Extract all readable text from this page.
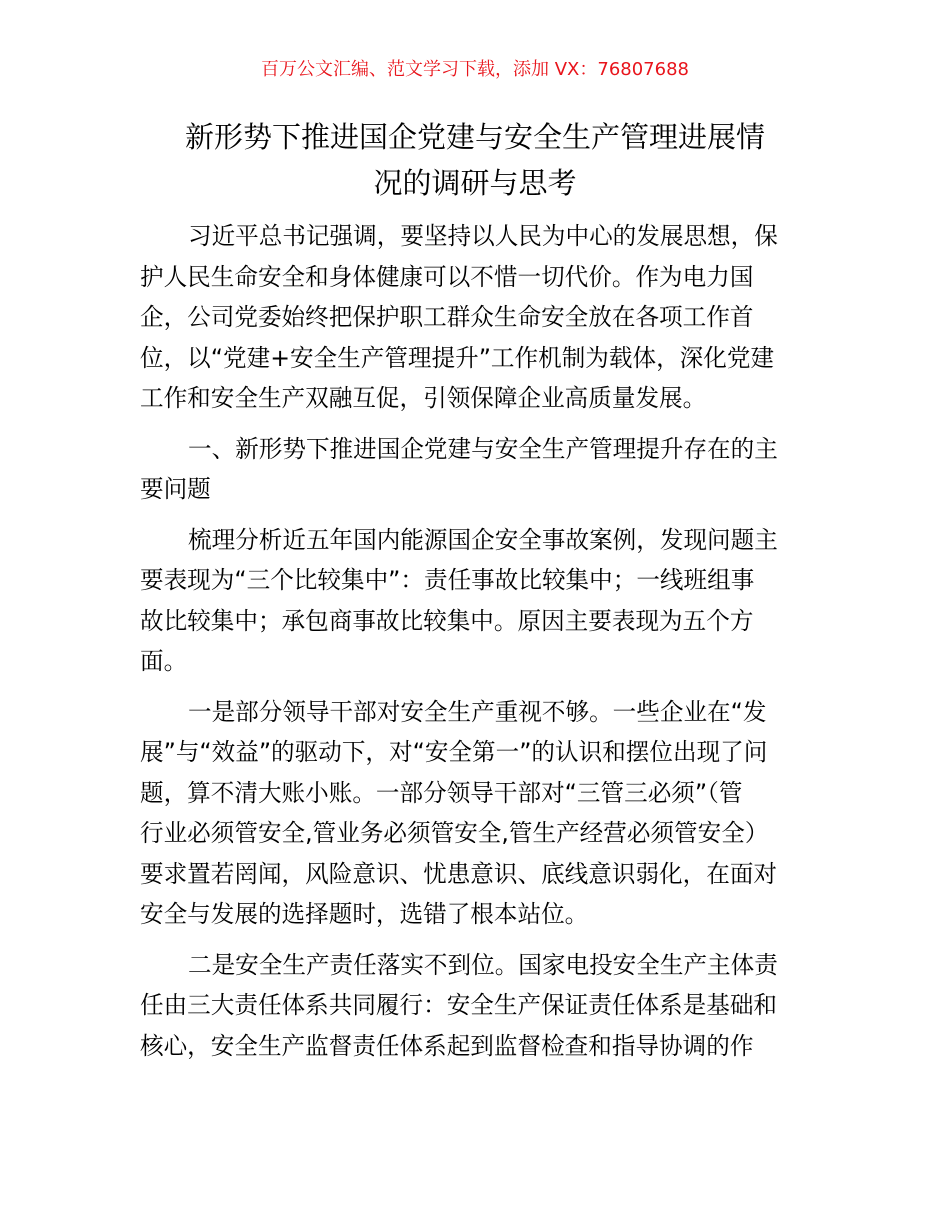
百万公文汇编、范文学习下载，添加 VX：76807688
新形势下推进国企党建与安全生产管理进展情
况的调研与思考

习近平总书记强调，要坚持以人民为中心的发展思想，保
护人民生命安全和身体健康可以不惜一切代价。作为电力国
企，公司党委始终把保护职工群众生命安全放在各项工作首
位，以“党建+安全生产管理提升”工作机制为载体，深化党建
工作和安全生产双融互促，引领保障企业高质量发展。

一、新形势下推进国企党建与安全生产管理提升存在的主
要问题

梳理分析近五年国内能源国企安全事故案例，发现问题主
要表现为“三个比较集中”：责任事故比较集中；一线班组事
故比较集中；承包商事故比较集中。原因主要表现为五个方
面。

一是部分领导干部对安全生产重视不够。一些企业在“发
展”与“效益”的驱动下，对“安全第一”的认识和摆位出现了问
题，算不清大账小账。一部分领导干部对“三管三必须”（管
行业必须管安全,管业务必须管安全,管生产经营必须管安全）
要求置若罔闻，风险意识、忧患意识、底线意识弱化，在面对
安全与发展的选择题时，选错了根本站位。

二是安全生产责任落实不到位。国家电投安全生产主体责
任由三大责任体系共同履行：安全生产保证责任体系是基础和
核心，安全生产监督责任体系起到监督检查和指导协调的作
